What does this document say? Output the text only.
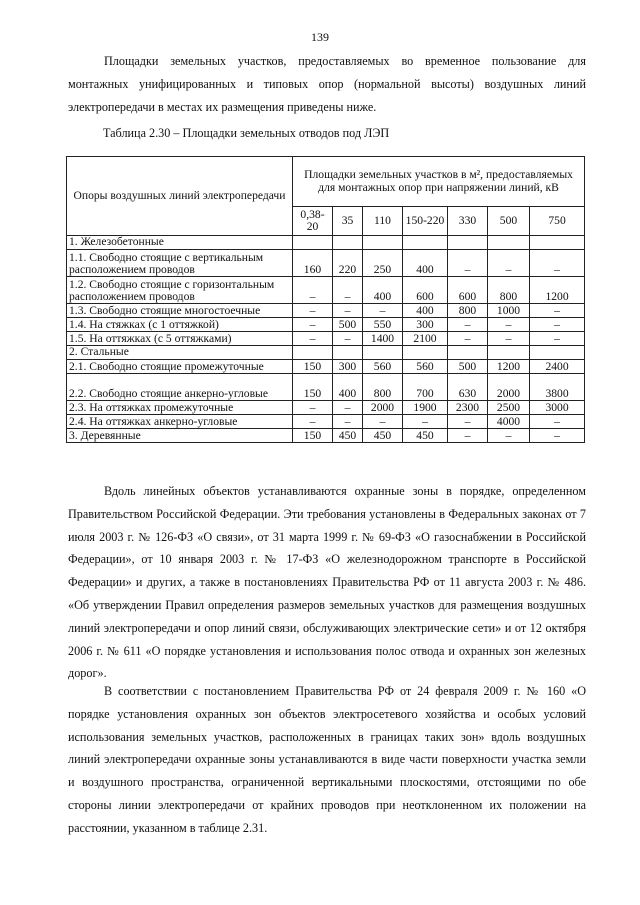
139

Площадки земельных участков, предоставляемых во временное пользование для монтажных унифицированных и типовых опор (нормальной высоты) воздушных линий электропередачи в местах их размещения приведены ниже.

Таблица 2.30 – Площадки земельных отводов под ЛЭП
Опоры воздушных линий электропередачи	Площадки земельных участков в м², предоставляемых для монтажных опор при напряжении линий, кВ						
	0,38-20	35	110	150-220	330	500	750
1. Железобетонные							
1.1. Свободно стоящие с вертикальным расположением проводов	160	220	250	400	–	–	–
1.2. Свободно стоящие с горизонтальным расположением проводов	–	–	400	600	600	800	1200
1.3. Свободно стоящие многостоечные	–	–	–	400	800	1000	–
1.4. На стяжках (с 1 оттяжкой)	–	500	550	300	–	–	–
1.5. На оттяжках (с 5 оттяжками)	–	–	1400	2100	–	–	–
2. Стальные							
2.1. Свободно стоящие промежуточные	150	300	560	560	500	1200	2400
2.2. Свободно стоящие анкерно-угловые	150	400	800	700	630	2000	3800
2.3. На оттяжках промежуточные	–	–	2000	1900	2300	2500	3000
2.4. На оттяжках анкерно-угловые	–	–	–	–	–	4000	–
3. Деревянные	150	450	450	450	–	–	–

Вдоль линейных объектов устанавливаются охранные зоны в порядке, определенном Правительством Российской Федерации. Эти требования установлены в Федеральных законах от 7 июля 2003 г. № 126-ФЗ «О связи», от 31 марта 1999 г. № 69-ФЗ «О газоснабжении в Российской Федерации», от 10 января 2003 г. № 17-ФЗ «О железнодорожном транспорте в Российской Федерации» и других, а также в постановлениях Правительства РФ от 11 августа 2003 г. № 486. «Об утверждении Правил определения размеров земельных участков для размещения воздушных линий электропередачи и опор линий связи, обслуживающих электрические сети» и от 12 октября 2006 г. № 611 «О порядке установления и использования полос отвода и охранных зон железных дорог».

В соответствии с постановлением Правительства РФ от 24 февраля 2009 г. № 160 «О порядке установления охранных зон объектов электросетевого хозяйства и особых условий использования земельных участков, расположенных в границах таких зон» вдоль воздушных линий электропередачи охранные зоны устанавливаются в виде части поверхности участка земли и воздушного пространства, ограниченной вертикальными плоскостями, отстоящими по обе стороны линии электропередачи от крайних проводов при неотклоненном их положении на расстоянии, указанном в таблице 2.31.
